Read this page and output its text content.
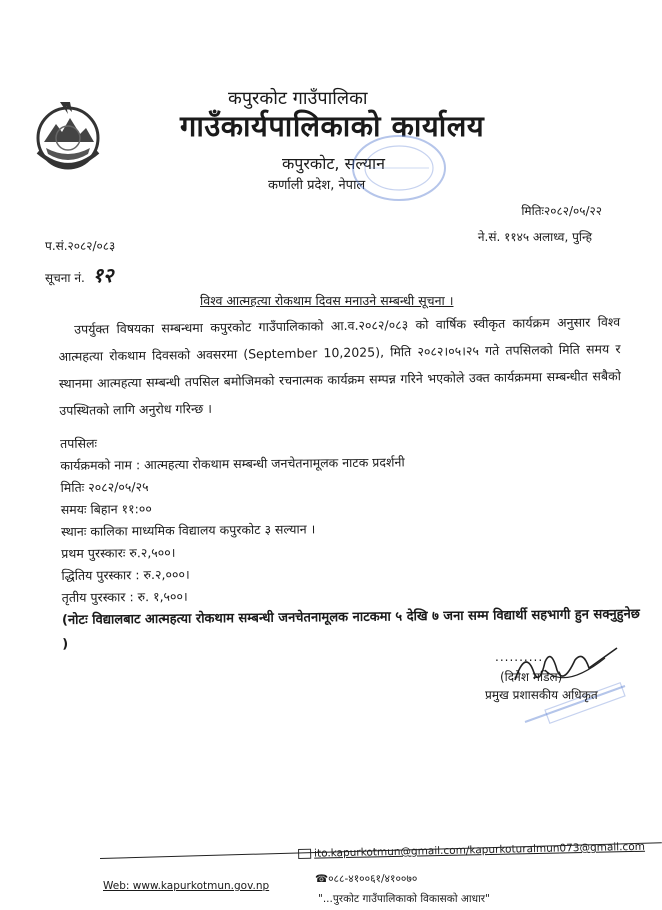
कपुरकोट गाउँपालिका
गाउँकार्यपालिकाको कार्यालय
कपुरकोट, सल्यान
कर्णाली प्रदेश, नेपाल
मितिः२०८२/०५/२२
ने.सं. ११४५ अलाध्व, पुन्हि
प.सं.२०८२/०८३
सूचना नं. १२
विश्व आत्महत्या रोकथाम दिवस मनाउने सम्बन्धी सूचना ।
उपर्युक्त विषयका सम्बन्धमा कपुरकोट गाउँपालिकाको आ.व.२०८२/०८३ को वार्षिक स्वीकृत कार्यक्रम अनुसार विश्व आत्महत्या रोकथाम दिवसको अवसरमा (September 10,2025), मिति २०८२।०५।२५ गते तपसिलको मिति समय र स्थानमा आत्महत्या सम्बन्धी तपसिल बमोजिमको रचनात्मक कार्यक्रम सम्पन्न गरिने भएकोले उक्त कार्यक्रममा सम्बन्धीत सबैको उपस्थितको लागि अनुरोध गरिन्छ ।
तपसिलः
कार्यक्रमको नाम : आत्महत्या रोकथाम सम्बन्धी जनचेतनामूलक नाटक प्रदर्शनी
मितिः २०८२/०५/२५
समयः बिहान ११:००
स्थानः कालिका माध्यमिक विद्यालय कपुरकोट ३ सल्यान ।
प्रथम पुरस्कारः रु.२,५००।
द्धितिय पुरस्कार : रु.२,०००।
तृतीय पुरस्कार : रु. १,५००।
(नोटः विद्यालबाट आत्महत्या रोकथाम सम्बन्धी जनचेतनामूलक नाटकमा ५ देखि ७ जना सम्म विद्यार्थी सहभागी हुन सक्नुहुनेछ )
..........
(दिनेश मडिल)
प्रमुख प्रशासकीय अधिकृत
ito.kapurkotmun@gmail.com/kapurkoturalmun073@gmail.com
Web: www.kapurkotmun.gov.np
☎०८८-४१००६१/४१००७०
"...पुरकोट गाउँपालिकाको विकासको आधार"
